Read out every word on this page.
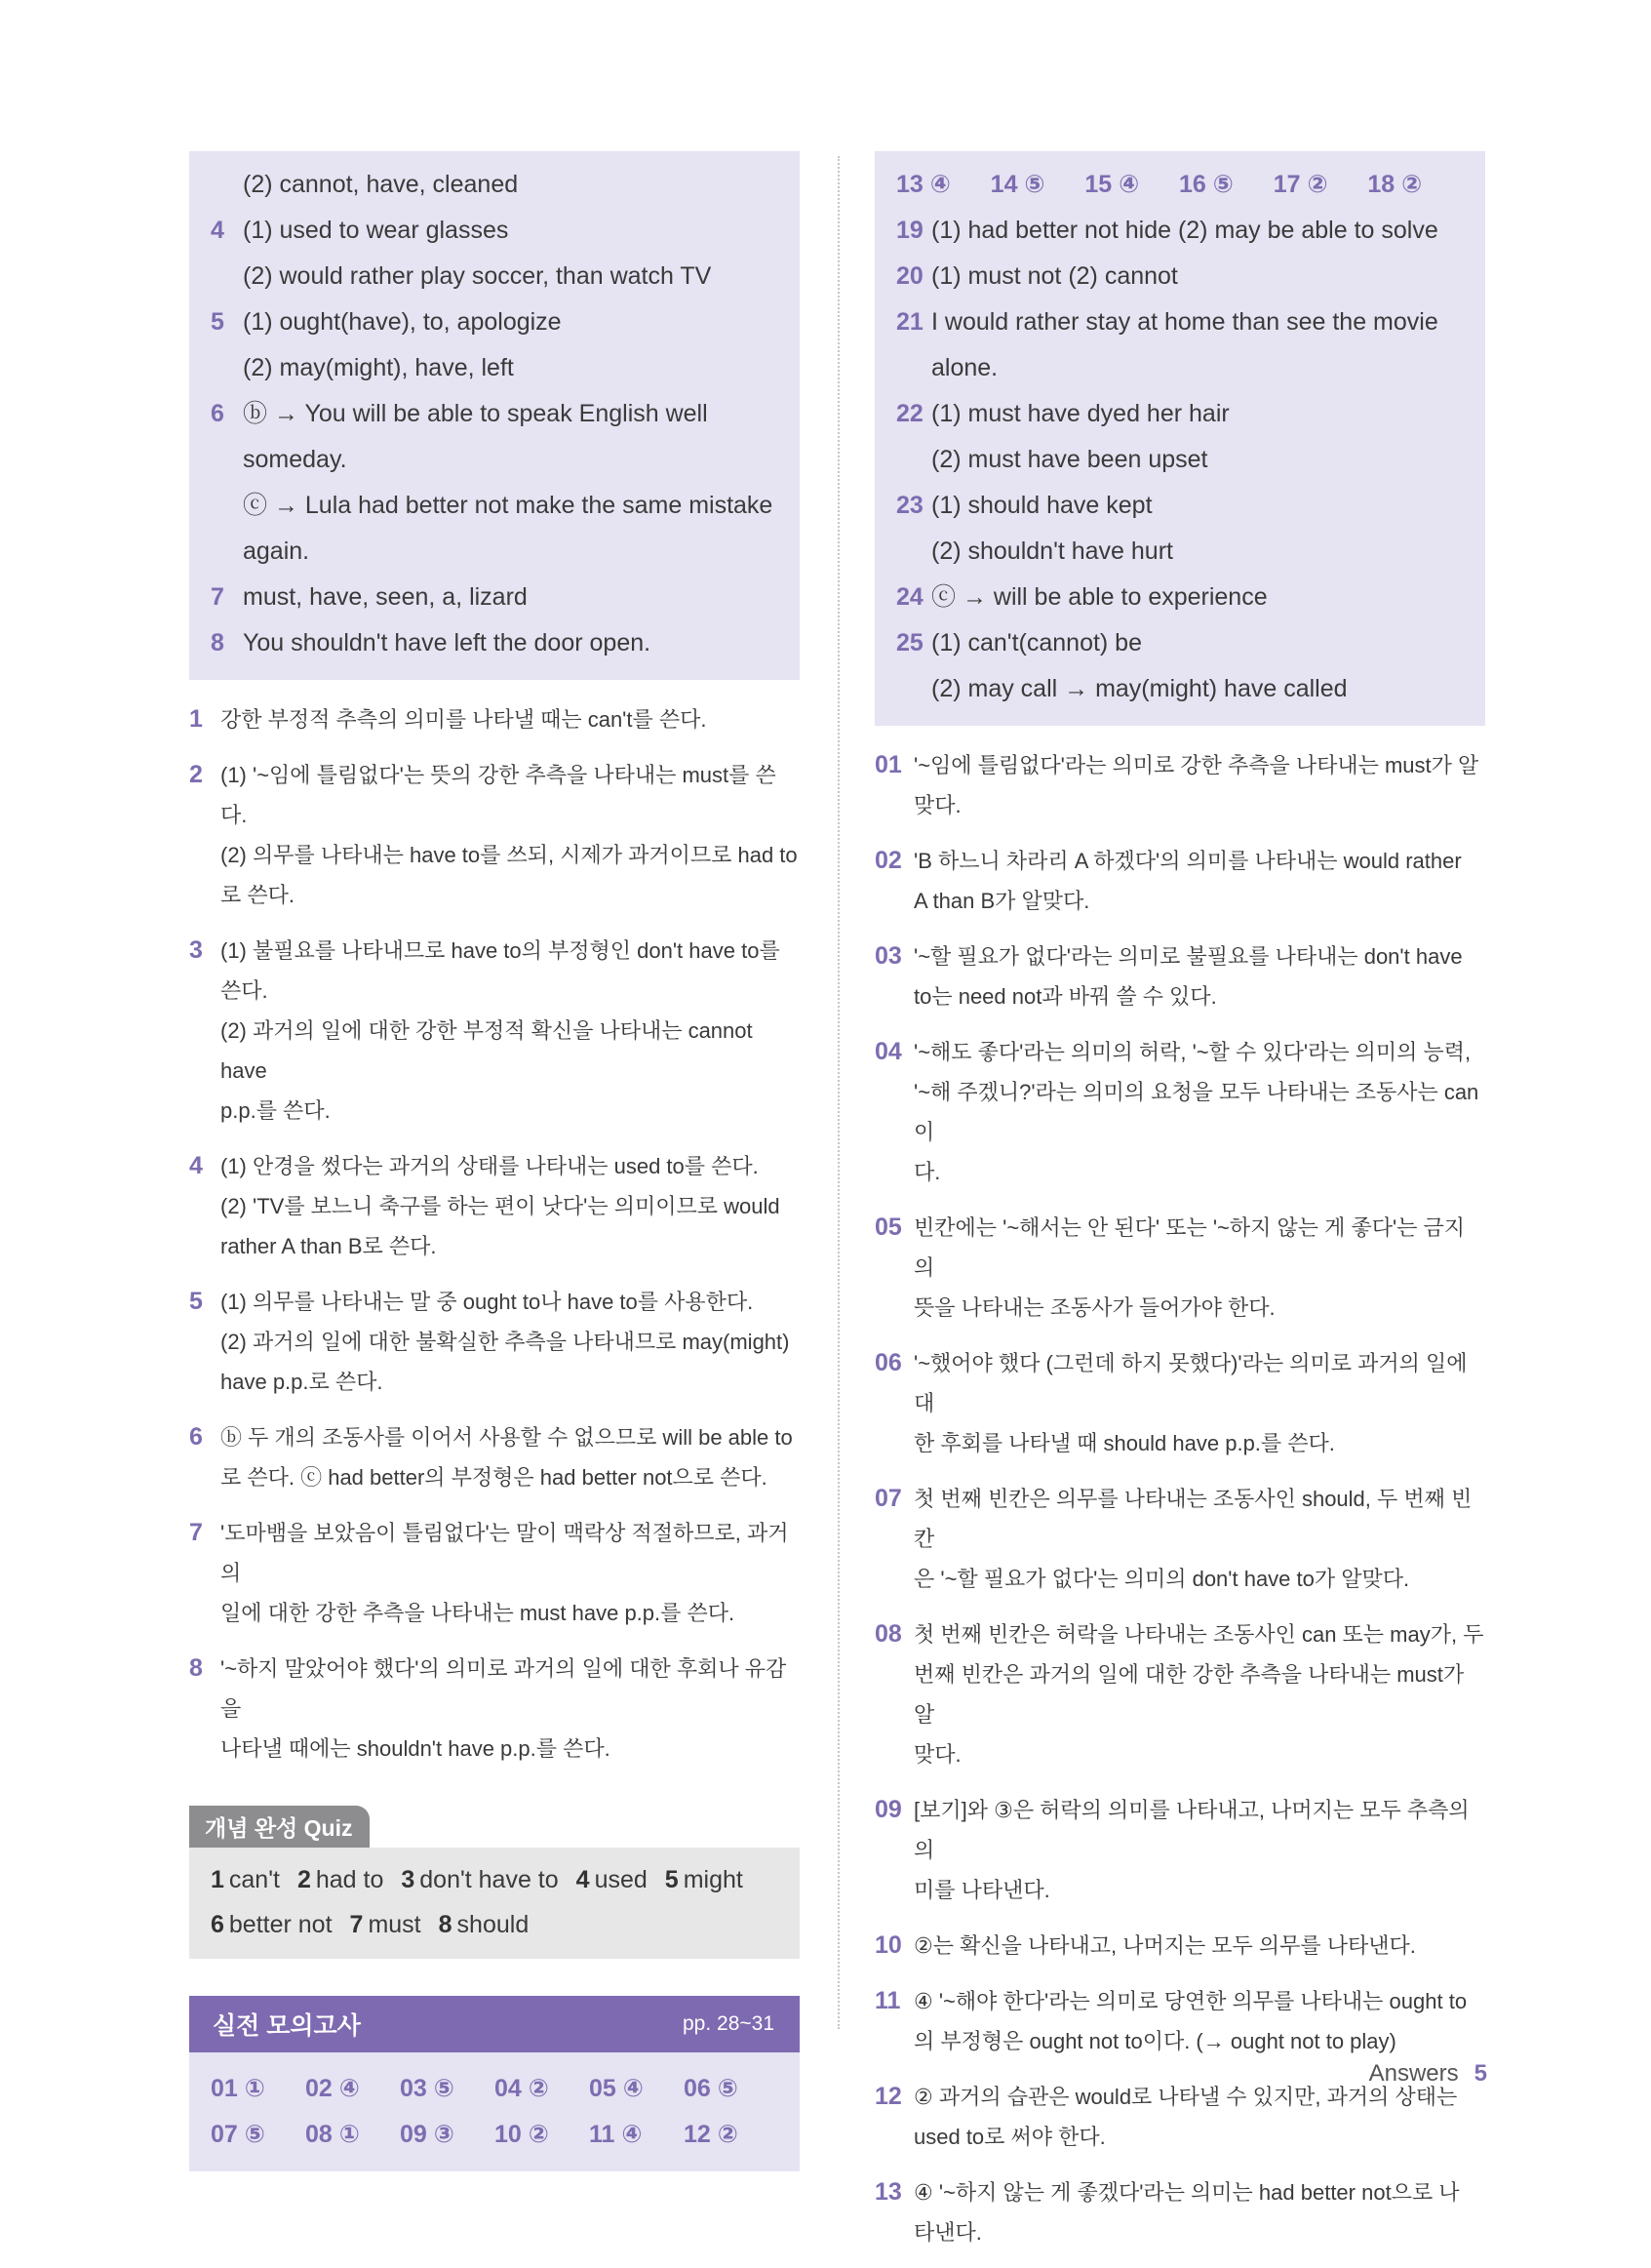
(2) cannot, have, cleaned
4 (1) used to wear glasses
(2) would rather play soccer, than watch TV
5 (1) ought(have), to, apologize
(2) may(might), have, left
6 ⓑ → You will be able to speak English well
someday.
ⓒ → Lula had better not make the same mistake
again.
7 must, have, seen, a, lizard
8 You shouldn't have left the door open.
1 강한 부정적 추측의 의미를 나타낼 때는 can't를 쓴다.
2 (1) '~임에 틀림없다'는 뜻의 강한 추측을 나타내는 must를 쓴다.
(2) 의무를 나타내는 have to를 쓰되, 시제가 과거이므로 had to
로 쓴다.
3 (1) 불필요를 나타내므로 have to의 부정형인 don't have to를
쓴다.
(2) 과거의 일에 대한 강한 부정적 확신을 나타내는 cannot have
p.p.를 쓴다.
4 (1) 안경을 썼다는 과거의 상태를 나타내는 used to를 쓴다.
(2) 'TV를 보느니 축구를 하는 편이 낫다'는 의미이므로 would
rather A than B로 쓴다.
5 (1) 의무를 나타내는 말 중 ought to나 have to를 사용한다.
(2) 과거의 일에 대한 불확실한 추측을 나타내므로 may(might)
have p.p.로 쓴다.
6 ⓑ 두 개의 조동사를 이어서 사용할 수 없으므로 will be able to
로 쓴다. ⓒ had better의 부정형은 had better not으로 쓴다.
7 '도마뱀을 보았음이 틀림없다'는 말이 맥락상 적절하므로, 과거의
일에 대한 강한 추측을 나타내는 must have p.p.를 쓴다.
8 '~하지 말았어야 했다'의 의미로 과거의 일에 대한 후회나 유감을
나타낼 때에는 shouldn't have p.p.를 쓴다.
개념 완성 Quiz
1 can't 2 had to 3 don't have to 4 used 5 might
6 better not 7 must 8 should
실전 모의고사	pp. 28~31
01 ①	02 ④	03 ⑤	04 ②	05 ④	06 ⑤
07 ⑤	08 ①	09 ③	10 ②	11 ④	12 ②
13 ④	14 ⑤	15 ④	16 ⑤	17 ②	18 ②
19 (1) had better not hide (2) may be able to solve
20 (1) must not (2) cannot
21 I would rather stay at home than see the movie
alone.
22 (1) must have dyed her hair
(2) must have been upset
23 (1) should have kept
(2) shouldn't have hurt
24 ⓒ → will be able to experience
25 (1) can't(cannot) be
(2) may call → may(might) have called
01 '~임에 틀림없다'라는 의미로 강한 추측을 나타내는 must가 알
맞다.
02 'B 하느니 차라리 A 하겠다'의 의미를 나타내는 would rather
A than B가 알맞다.
03 '~할 필요가 없다'라는 의미로 불필요를 나타내는 don't have
to는 need not과 바꿔 쓸 수 있다.
04 '~해도 좋다'라는 의미의 허락, '~할 수 있다'라는 의미의 능력,
'~해 주겠니?'라는 의미의 요청을 모두 나타내는 조동사는 can이
다.
05 빈칸에는 '~해서는 안 된다' 또는 '~하지 않는 게 좋다'는 금지의
뜻을 나타내는 조동사가 들어가야 한다.
06 '~했어야 했다 (그런데 하지 못했다)'라는 의미로 과거의 일에 대
한 후회를 나타낼 때 should have p.p.를 쓴다.
07 첫 번째 빈칸은 의무를 나타내는 조동사인 should, 두 번째 빈칸
은 '~할 필요가 없다'는 의미의 don't have to가 알맞다.
08 첫 번째 빈칸은 허락을 나타내는 조동사인 can 또는 may가, 두
번째 빈칸은 과거의 일에 대한 강한 추측을 나타내는 must가 알
맞다.
09 [보기]와 ③은 허락의 의미를 나타내고, 나머지는 모두 추측의 의
미를 나타낸다.
10 ②는 확신을 나타내고, 나머지는 모두 의무를 나타낸다.
11 ④ '~해야 한다'라는 의미로 당연한 의무를 나타내는 ought to
의 부정형은 ought not to이다. (→ ought not to play)
12 ② 과거의 습관은 would로 나타낼 수 있지만, 과거의 상태는
used to로 써야 한다.
13 ④ '~하지 않는 게 좋겠다'라는 의미는 had better not으로 나
타낸다.
Answers 5
